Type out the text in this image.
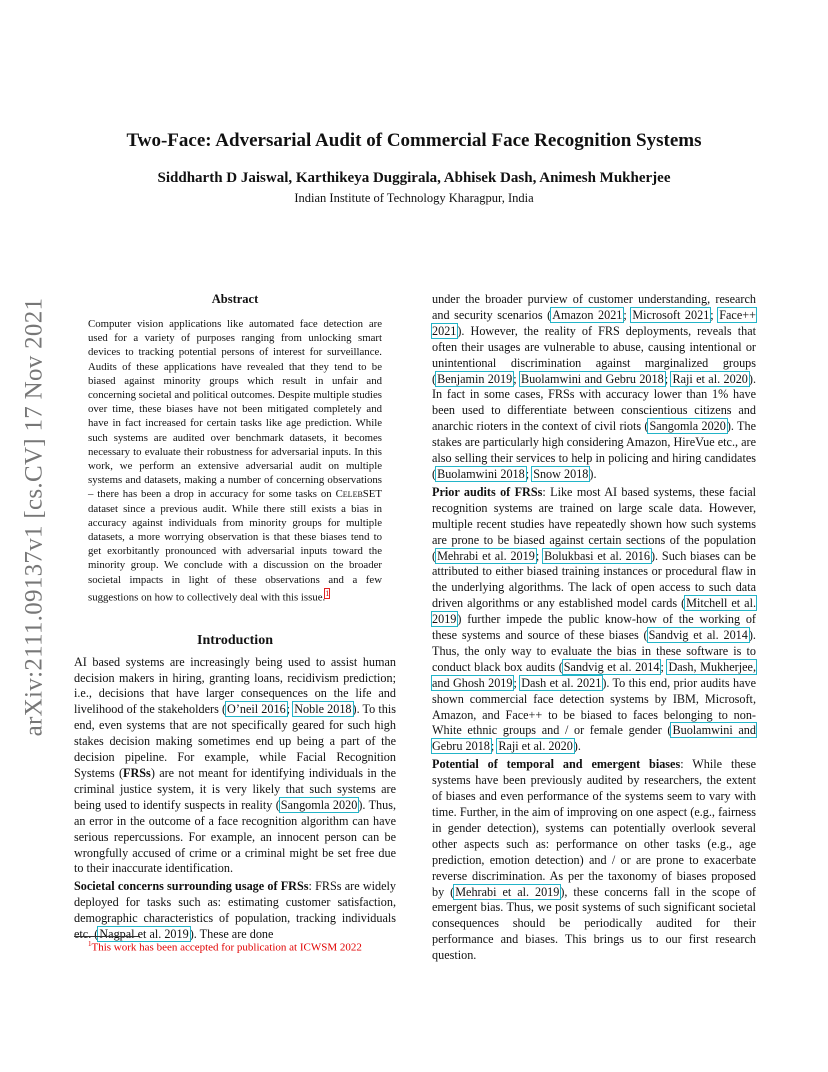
arXiv:2111.09137v1 [cs.CV] 17 Nov 2021
Two-Face: Adversarial Audit of Commercial Face Recognition Systems
Siddharth D Jaiswal, Karthikeya Duggirala, Abhisek Dash, Animesh Mukherjee
Indian Institute of Technology Kharagpur, India
Abstract

Computer vision applications like automated face detection are used for a variety of purposes ranging from unlocking smart devices to tracking potential persons of interest for surveillance. Audits of these applications have revealed that they tend to be biased against minority groups which result in unfair and concerning societal and political outcomes. Despite multiple studies over time, these biases have not been mitigated completely and have in fact increased for certain tasks like age prediction. While such systems are audited over benchmark datasets, it becomes necessary to evaluate their robustness for adversarial inputs. In this work, we perform an extensive adversarial audit on multiple systems and datasets, making a number of concerning observations – there has been a drop in accuracy for some tasks on CelebSET dataset since a previous audit. While there still exists a bias in accuracy against individuals from minority groups for multiple datasets, a more worrying observation is that these biases tend to get exorbitantly pronounced with adversarial inputs toward the minority group. We conclude with a discussion on the broader societal impacts in light of these observations and a few suggestions on how to collectively deal with this issue.$^1$

Introduction

AI based systems are increasingly being used to assist human decision makers in hiring, granting loans, recidivism prediction; i.e., decisions that have larger consequences on the life and livelihood of the stakeholders (O’neil 2016; Noble 2018). To this end, even systems that are not specifically geared for such high stakes decision making sometimes end up being a part of the decision pipeline. For example, while Facial Recognition Systems (FRSs) are not meant for identifying individuals in the criminal justice system, it is very likely that such systems are being used to identify suspects in reality (Sangomla 2020). Thus, an error in the outcome of a face recognition algorithm can have serious repercussions. For example, an innocent person can be wrongfully accused of crime or a criminal might be set free due to their inaccurate identification.

Societal concerns surrounding usage of FRSs: FRSs are widely deployed for tasks such as: estimating customer satisfaction, demographic characteristics of population, tracking individuals etc. (Nagpal et al. 2019). These are done

under the broader purview of customer understanding, research and security scenarios (Amazon 2021; Microsoft 2021; Face++ 2021). However, the reality of FRS deployments, reveals that often their usages are vulnerable to abuse, causing intentional or unintentional discrimination against marginalized groups (Benjamin 2019; Buolamwini and Gebru 2018; Raji et al. 2020). In fact in some cases, FRSs with accuracy lower than 1% have been used to differentiate between conscientious citizens and anarchic rioters in the context of civil riots (Sangomla 2020). The stakes are particularly high considering Amazon, HireVue etc., are also selling their services to help in policing and hiring candidates (Buolamwini 2018; Snow 2018).

Prior audits of FRSs: Like most AI based systems, these facial recognition systems are trained on large scale data. However, multiple recent studies have repeatedly shown how such systems are prone to be biased against certain sections of the population (Mehrabi et al. 2019; Bolukbasi et al. 2016). Such biases can be attributed to either biased training instances or procedural flaw in the underlying algorithms. The lack of open access to such data driven algorithms or any established model cards (Mitchell et al. 2019) further impede the public know-how of the working of these systems and source of these biases (Sandvig et al. 2014). Thus, the only way to evaluate the bias in these software is to conduct black box audits (Sandvig et al. 2014; Dash, Mukherjee, and Ghosh 2019; Dash et al. 2021). To this end, prior audits have shown commercial face detection systems by IBM, Microsoft, Amazon, and Face++ to be biased to faces belonging to non-White ethnic groups and / or female gender (Buolamwini and Gebru 2018; Raji et al. 2020).

Potential of temporal and emergent biases: While these systems have been previously audited by researchers, the extent of biases and even performance of the systems seem to vary with time. Further, in the aim of improving on one aspect (e.g., fairness in gender detection), systems can potentially overlook several other aspects such as: performance on other tasks (e.g., age prediction, emotion detection) and / or are prone to exacerbate reverse discrimination. As per the taxonomy of biases proposed by (Mehrabi et al. 2019), these concerns fall in the scope of emergent bias. Thus, we posit systems of such significant societal consequences should be periodically audited for their performance and biases. This brings us to our first research question.

$^1$This work has been accepted for publication at ICWSM 2022
